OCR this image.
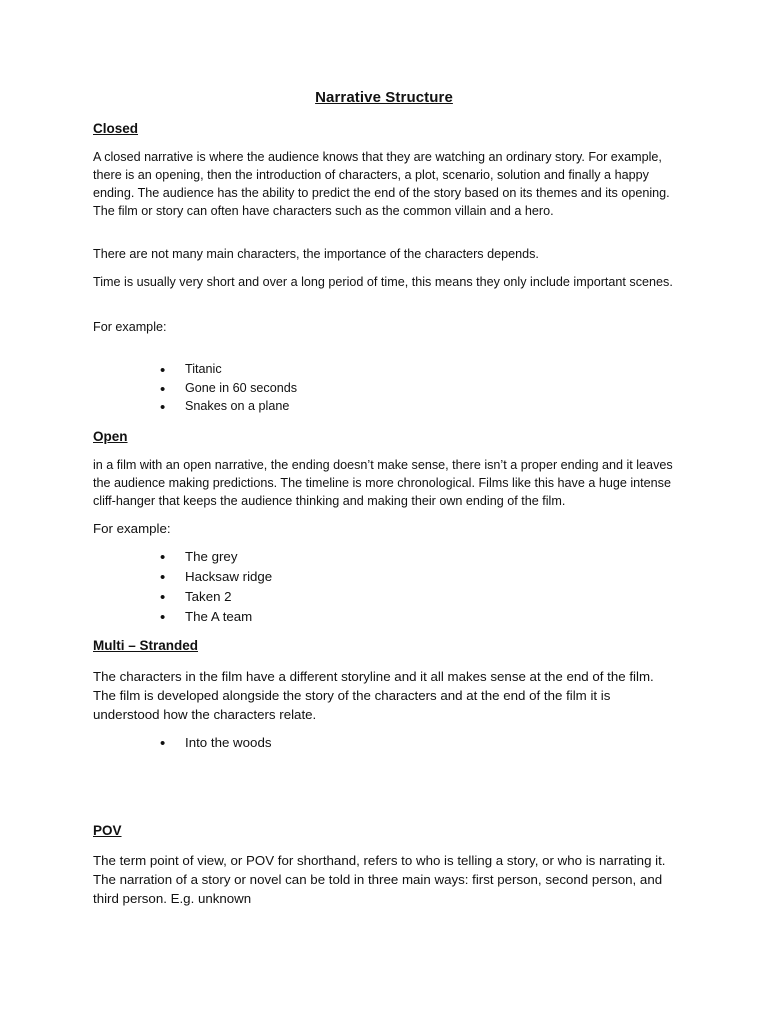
Narrative Structure
Closed
A closed narrative is where the audience knows that they are watching an ordinary story. For example, there is an opening, then the introduction of characters, a plot, scenario, solution and finally a happy ending. The audience has the ability to predict the end of the story based on its themes and its opening. The film or story can often have characters such as the common villain and a hero.
There are not many main characters, the importance of the characters depends.
Time is usually very short and over a long period of time, this means they only include important scenes.
For example:
• Titanic
• Gone in 60 seconds
• Snakes on a plane
Open
in a film with an open narrative, the ending doesn’t make sense, there isn’t a proper ending and it leaves the audience making predictions. The timeline is more chronological. Films like this have a huge intense cliff-hanger that keeps the audience thinking and making their own ending of the film.
For example:
• The grey
• Hacksaw ridge
• Taken 2
• The A team
Multi – Stranded
The characters in the film have a different storyline and it all makes sense at the end of the film. The film is developed alongside the story of the characters and at the end of the film it is understood how the characters relate.
• Into the woods
POV
The term point of view, or POV for shorthand, refers to who is telling a story, or who is narrating it. The narration of a story or novel can be told in three main ways: first person, second person, and third person. E.g. unknown
